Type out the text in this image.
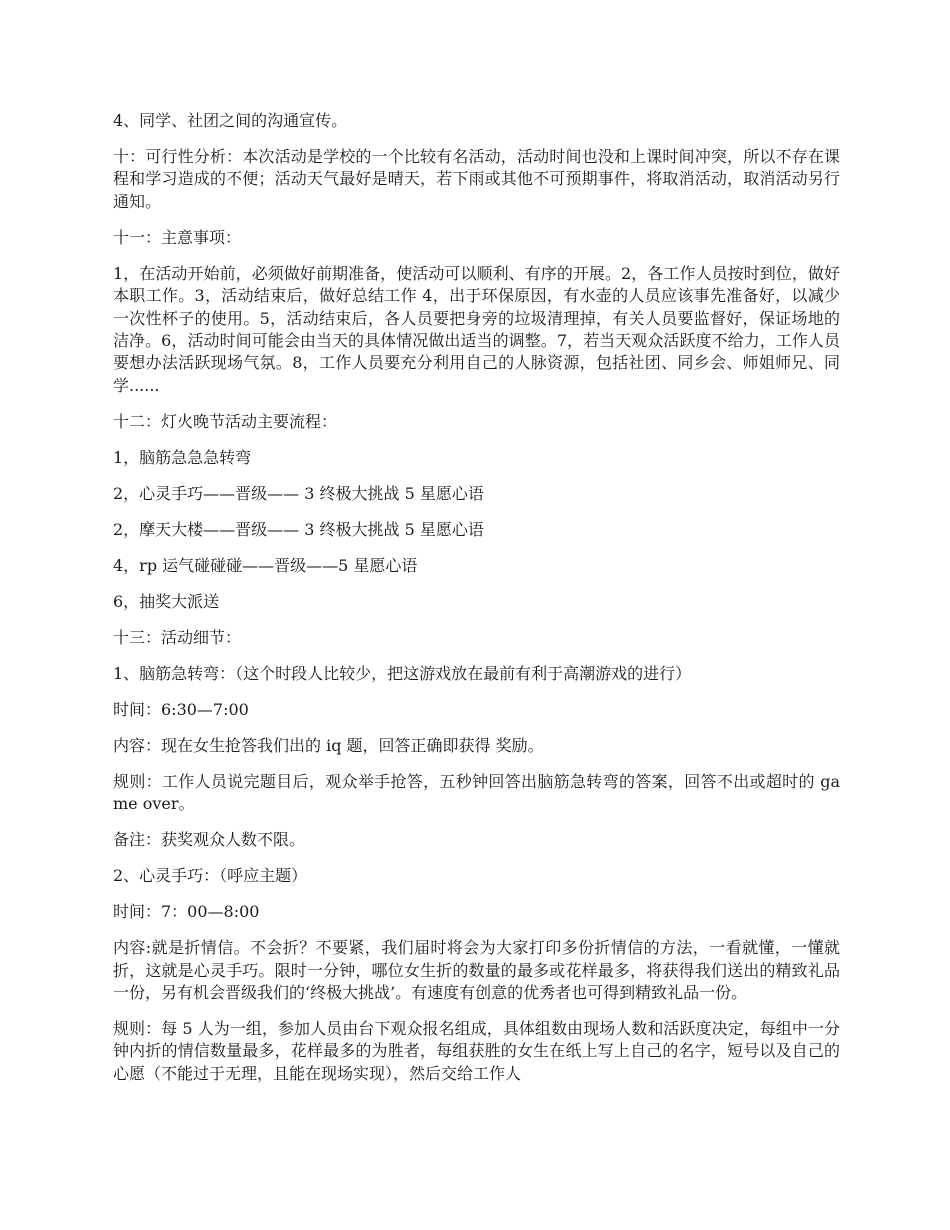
4、同学、社团之间的沟通宣传。

十：可行性分析：本次活动是学校的一个比较有名活动，活动时间也没和上课时间冲突，所以不存在课程和学习造成的不便；活动天气最好是晴天，若下雨或其他不可预期事件，将取消活动，取消活动另行通知。

十一：主意事项：

1，在活动开始前，必须做好前期准备，使活动可以顺利、有序的开展。2，各工作人员按时到位，做好本职工作。3，活动结束后，做好总结工作 4，出于环保原因，有水壶的人员应该事先准备好，以减少一次性杯子的使用。5，活动结束后，各人员要把身旁的垃圾清理掉，有关人员要监督好，保证场地的洁净。6，活动时间可能会由当天的具体情况做出适当的调整。7，若当天观众活跃度不给力，工作人员要想办法活跃现场气氛。8，工作人员要充分利用自己的人脉资源，包括社团、同乡会、师姐师兄、同学......

十二：灯火晚节活动主要流程：

1，脑筋急急急转弯

2，心灵手巧——晋级—— 3 终极大挑战 5 星愿心语

2，摩天大楼——晋级—— 3 终极大挑战 5 星愿心语

4，rp 运气碰碰碰——晋级——5 星愿心语

6，抽奖大派送

十三：活动细节：

1、脑筋急转弯：（这个时段人比较少，把这游戏放在最前有利于高潮游戏的进行）

时间：6:30—7:00

内容：现在女生抢答我们出的 iq 题，回答正确即获得 奖励。

规则：工作人员说完题目后，观众举手抢答，五秒钟回答出脑筋急转弯的答案，回答不出或超时的 game over。

备注：获奖观众人数不限。

2、心灵手巧：（呼应主题）

时间：7：00—8:00

内容:就是折情信。不会折？不要紧，我们届时将会为大家打印多份折情信的方法，一看就懂，一懂就折，这就是心灵手巧。限时一分钟，哪位女生折的数量的最多或花样最多，将获得我们送出的精致礼品一份，另有机会晋级我们的‘终极大挑战’。有速度有创意的优秀者也可得到精致礼品一份。

规则：每 5 人为一组，参加人员由台下观众报名组成，具体组数由现场人数和活跃度决定，每组中一分钟内折的情信数量最多，花样最多的为胜者，每组获胜的女生在纸上写上自己的名字，短号以及自己的心愿（不能过于无理，且能在现场实现），然后交给工作人
